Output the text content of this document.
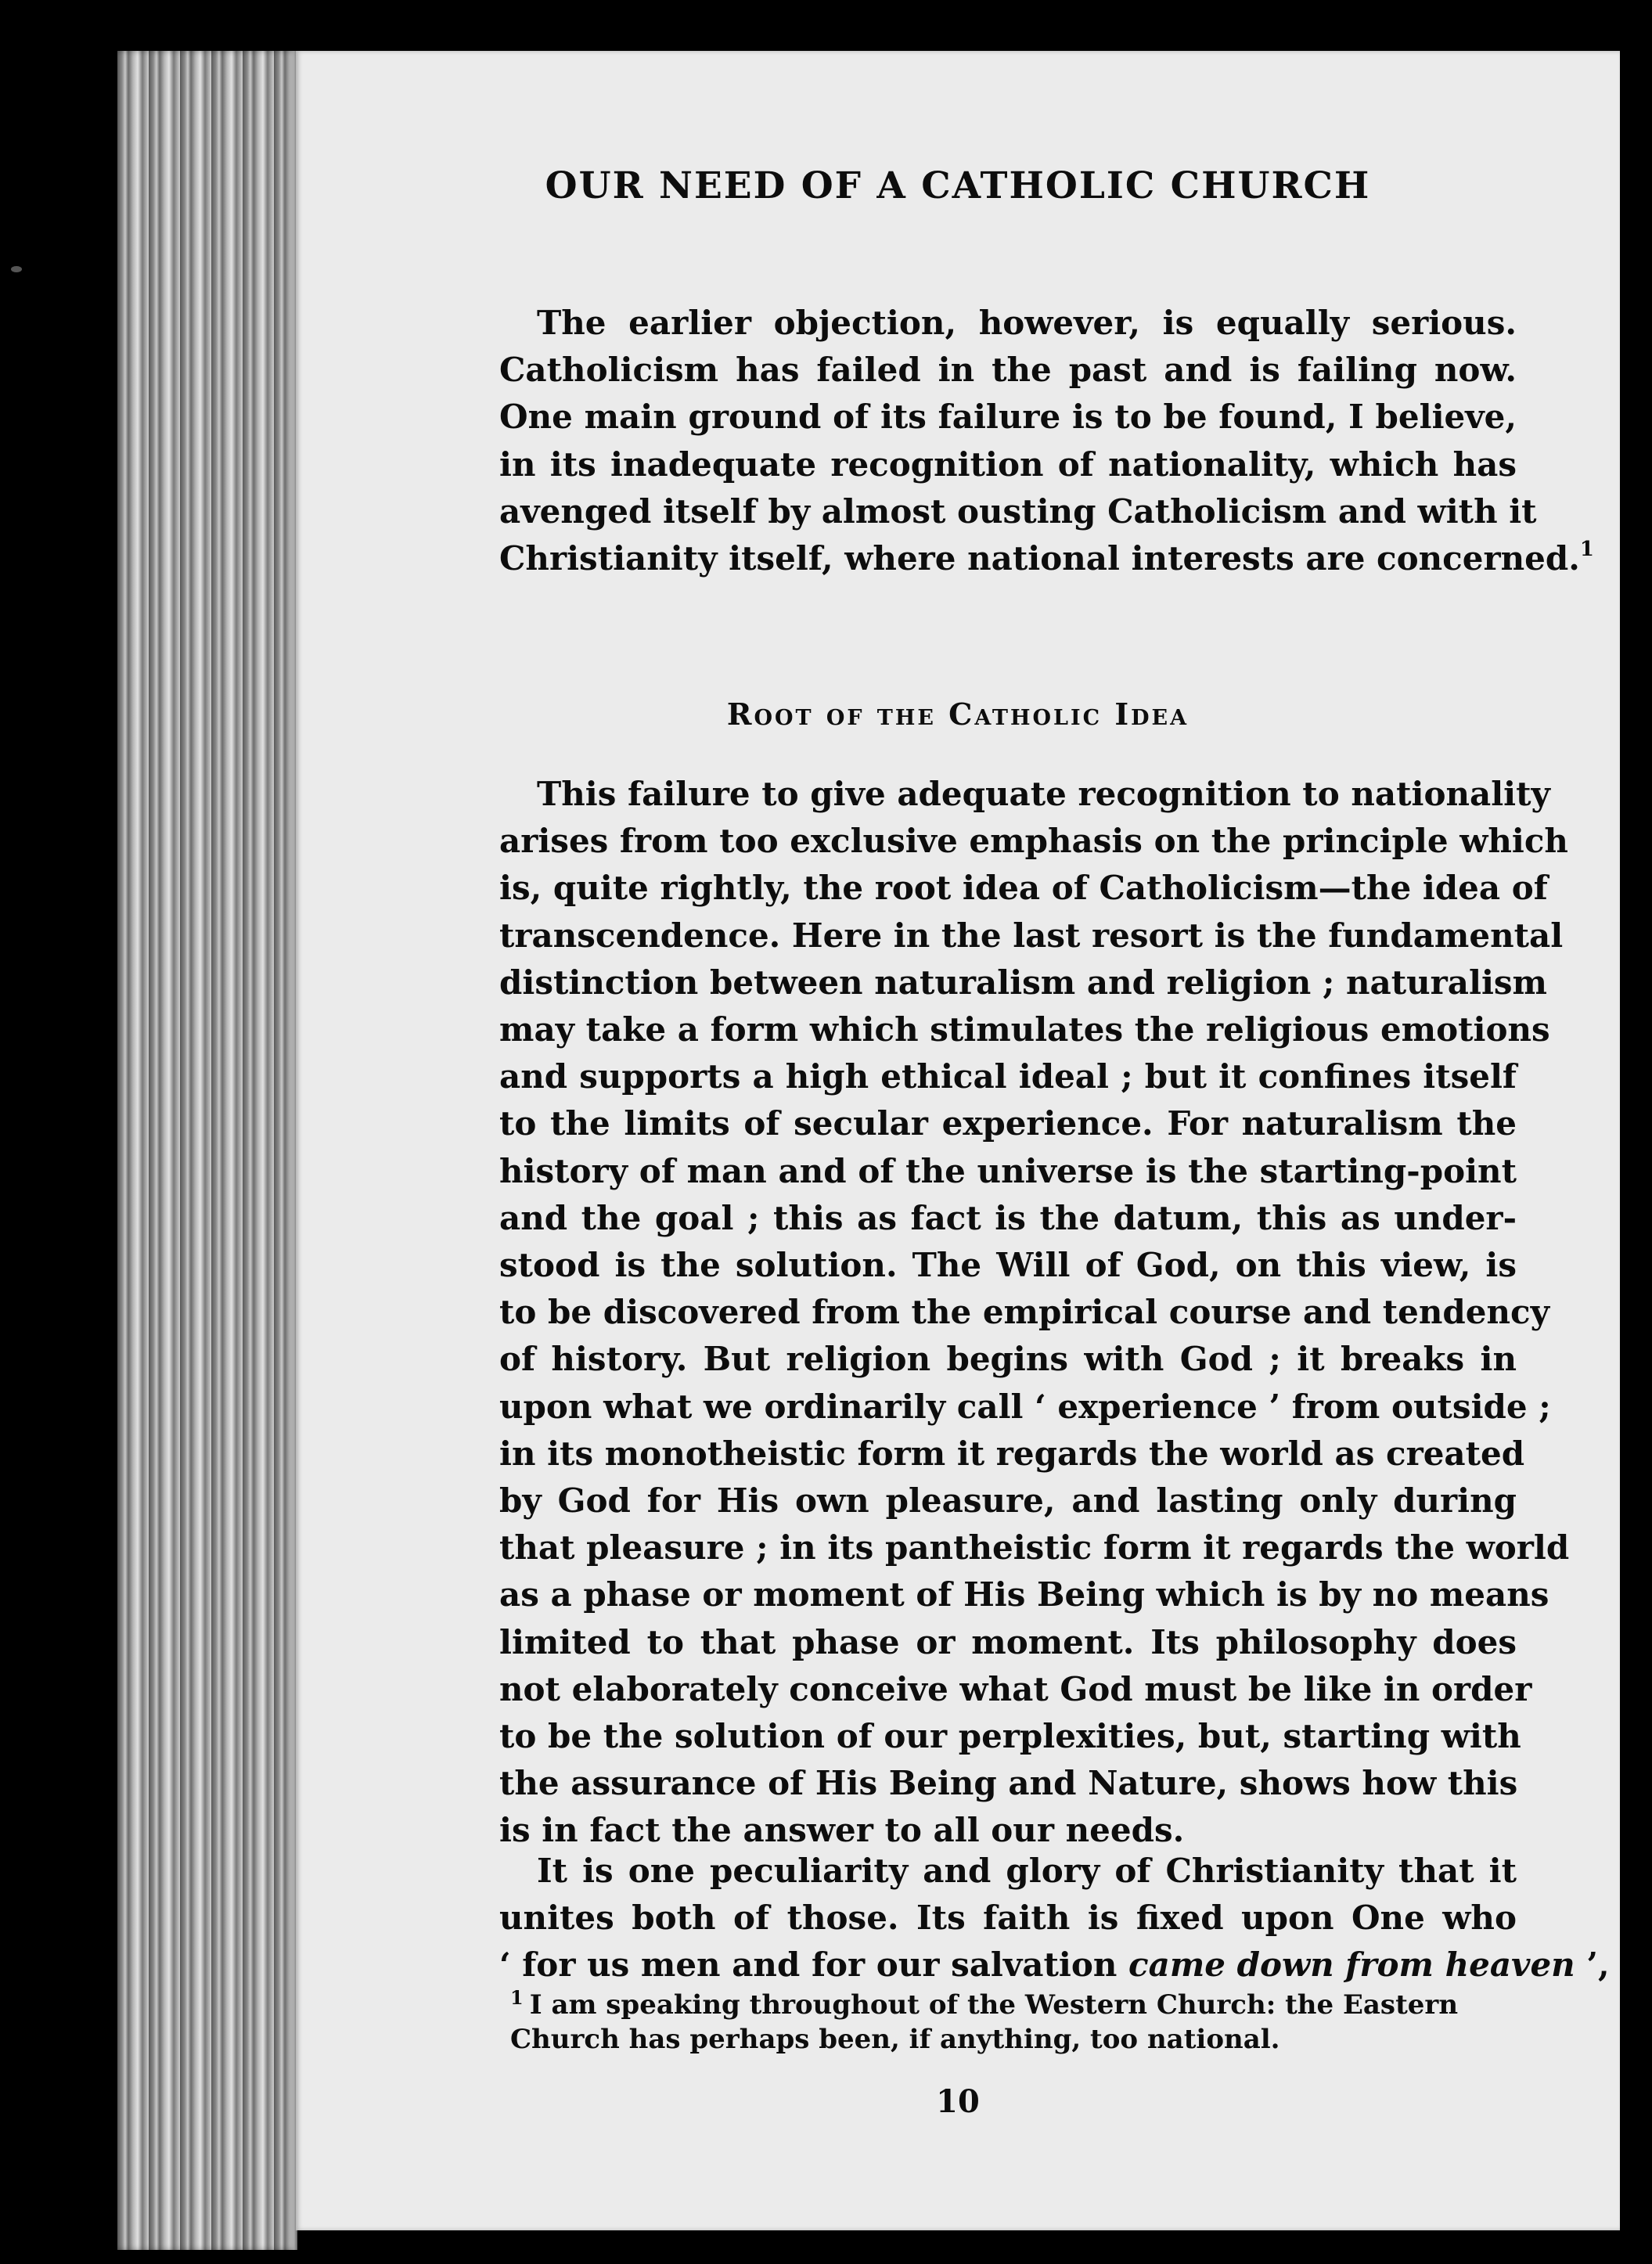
OUR NEED OF A CATHOLIC CHURCH
The earlier objection, however, is equally serious.
Catholicism has failed in the past and is failing now.
One main ground of its failure is to be found, I believe,
in its inadequate recognition of nationality, which has
avenged itself by almost ousting Catholicism and with it
Christianity itself, where national interests are concerned.$^1$
Root of the Catholic Idea
This failure to give adequate recognition to nationality
arises from too exclusive emphasis on the principle which
is, quite rightly, the root idea of Catholicism—the idea of
transcendence. Here in the last resort is the fundamental
distinction between naturalism and religion ; naturalism
may take a form which stimulates the religious emotions
and supports a high ethical ideal ; but it confines itself
to the limits of secular experience. For naturalism the
history of man and of the universe is the starting-point
and the goal ; this as fact is the datum, this as under-
stood is the solution. The Will of God, on this view, is
to be discovered from the empirical course and tendency
of history. But religion begins with God ; it breaks in
upon what we ordinarily call ‘ experience ’ from outside ;
in its monotheistic form it regards the world as created
by God for His own pleasure, and lasting only during
that pleasure ; in its pantheistic form it regards the world
as a phase or moment of His Being which is by no means
limited to that phase or moment. Its philosophy does
not elaborately conceive what God must be like in order
to be the solution of our perplexities, but, starting with
the assurance of His Being and Nature, shows how this
is in fact the answer to all our needs.
It is one peculiarity and glory of Christianity that it
unites both of those. Its faith is fixed upon One who
‘ for us men and for our salvation came down from heaven ’,
$^1$ I am speaking throughout of the Western Church: the Eastern Church has perhaps been, if anything, too national.
10
